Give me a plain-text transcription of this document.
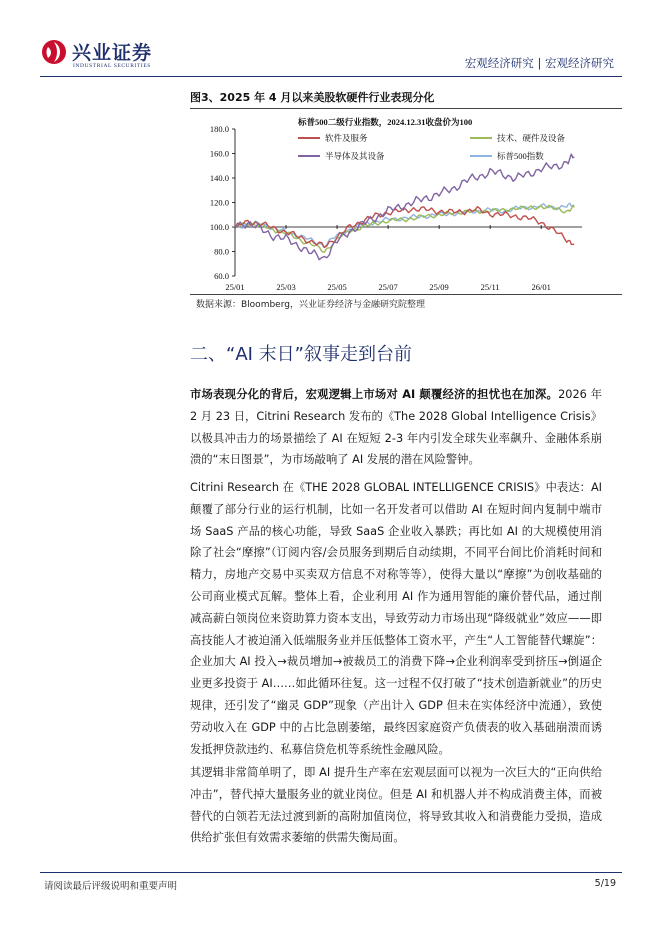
兴业证券
INDUSTRIAL SECURITIES	宏观经济研究 | 宏观经济研究
图3、2025 年 4 月以来美股软硬件行业表现分化
60.0
80.0
100.0
120.0
140.0
160.0
180.0
25/01	25/03	25/05	25/07	25/09	25/11	26/01
标普500二级行业指数，2024.12.31收盘价为100
软件及服务	技术、硬件及设备
半导体及其设备	标普500指数
数据来源：Bloomberg，兴业证券经济与金融研究院整理
二、“AI 末日”叙事走到台前
市场表现分化的背后，宏观逻辑上市场对 AI 颠覆经济的担忧也在加深。2026 年 2 月 23 日，Citrini Research 发布的《The 2028 Global Intelligence Crisis》以极具冲击力的场景描绘了 AI 在短短 2-3 年内引发全球失业率飙升、金融体系崩溃的“末日图景”，为市场敲响了 AI 发展的潜在风险警钟。
Citrini Research 在《THE 2028 GLOBAL INTELLIGENCE CRISIS》中表达：AI 颠覆了部分行业的运行机制，比如一名开发者可以借助 AI 在短时间内复制中端市场 SaaS 产品的核心功能，导致 SaaS 企业收入暴跌；再比如 AI 的大规模使用消除了社会“摩擦”（订阅内容/会员服务到期后自动续期，不同平台间比价消耗时间和精力，房地产交易中买卖双方信息不对称等等），使得大量以“摩擦”为创收基础的公司商业模式瓦解。整体上看，企业利用 AI 作为通用智能的廉价替代品，通过削减高薪白领岗位来资助算力资本支出，导致劳动力市场出现“降级就业”效应——即高技能人才被迫涌入低端服务业并压低整体工资水平，产生“人工智能替代螺旋”：企业加大 AI 投入→裁员增加→被裁员工的消费下降→企业利润率受到挤压→倒逼企业更多投资于 AI……如此循环往复。这一过程不仅打破了“技术创造新就业”的历史规律，还引发了“幽灵 GDP”现象（产出计入 GDP 但未在实体经济中流通），致使劳动收入在 GDP 中的占比急剧萎缩，最终因家庭资产负债表的收入基础崩溃而诱发抵押贷款违约、私募信贷危机等系统性金融风险。
其逻辑非常简单明了，即 AI 提升生产率在宏观层面可以视为一次巨大的“正向供给冲击”，替代掉大量服务业的就业岗位。但是 AI 和机器人并不构成消费主体，而被替代的白领若无法过渡到新的高附加值岗位，将导致其收入和消费能力受损，造成供给扩张但有效需求萎缩的供需失衡局面。
请阅读最后评级说明和重要声明	5/19
